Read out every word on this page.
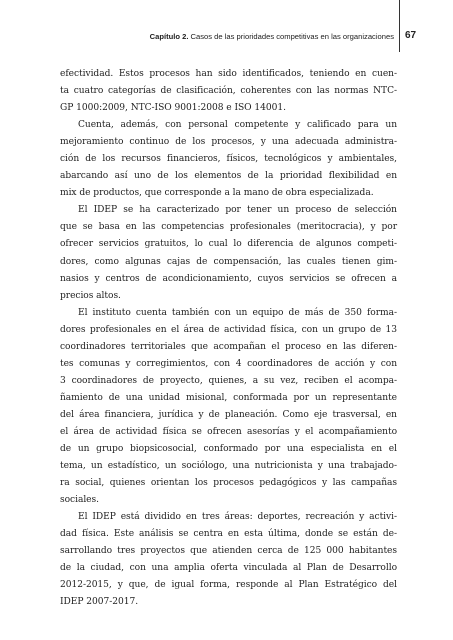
Capítulo 2. Casos de las prioridades competitivas en las organizaciones 67
efectividad. Estos procesos han sido identificados, teniendo en cuen-
ta cuatro categorías de clasificación, coherentes con las normas NTC-
GP 1000:2009, NTC-ISO 9001:2008 e ISO 14001.
Cuenta, además, con personal competente y calificado para un
mejoramiento continuo de los procesos, y una adecuada administra-
ción de los recursos financieros, físicos, tecnológicos y ambientales,
abarcando así uno de los elementos de la prioridad flexibilidad en
mix de productos, que corresponde a la mano de obra especializada.
El IDEP se ha caracterizado por tener un proceso de selección
que se basa en las competencias profesionales (meritocracia), y por
ofrecer servicios gratuitos, lo cual lo diferencia de algunos competi-
dores, como algunas cajas de compensación, las cuales tienen gim-
nasios y centros de acondicionamiento, cuyos servicios se ofrecen a
precios altos.
El instituto cuenta también con un equipo de más de 350 forma-
dores profesionales en el área de actividad física, con un grupo de 13
coordinadores territoriales que acompañan el proceso en las diferen-
tes comunas y corregimientos, con 4 coordinadores de acción y con
3 coordinadores de proyecto, quienes, a su vez, reciben el acompa-
ñamiento de una unidad misional, conformada por un representante
del área financiera, jurídica y de planeación. Como eje trasversal, en
el área de actividad física se ofrecen asesorías y el acompañamiento
de un grupo biopsicosocial, conformado por una especialista en el
tema, un estadístico, un sociólogo, una nutricionista y una trabajado-
ra social, quienes orientan los procesos pedagógicos y las campañas
sociales.
El IDEP está dividido en tres áreas: deportes, recreación y activi-
dad física. Este análisis se centra en esta última, donde se están de-
sarrollando tres proyectos que atienden cerca de 125 000 habitantes
de la ciudad, con una amplia oferta vinculada al Plan de Desarrollo
2012-2015, y que, de igual forma, responde al Plan Estratégico del
IDEP 2007-2017.
